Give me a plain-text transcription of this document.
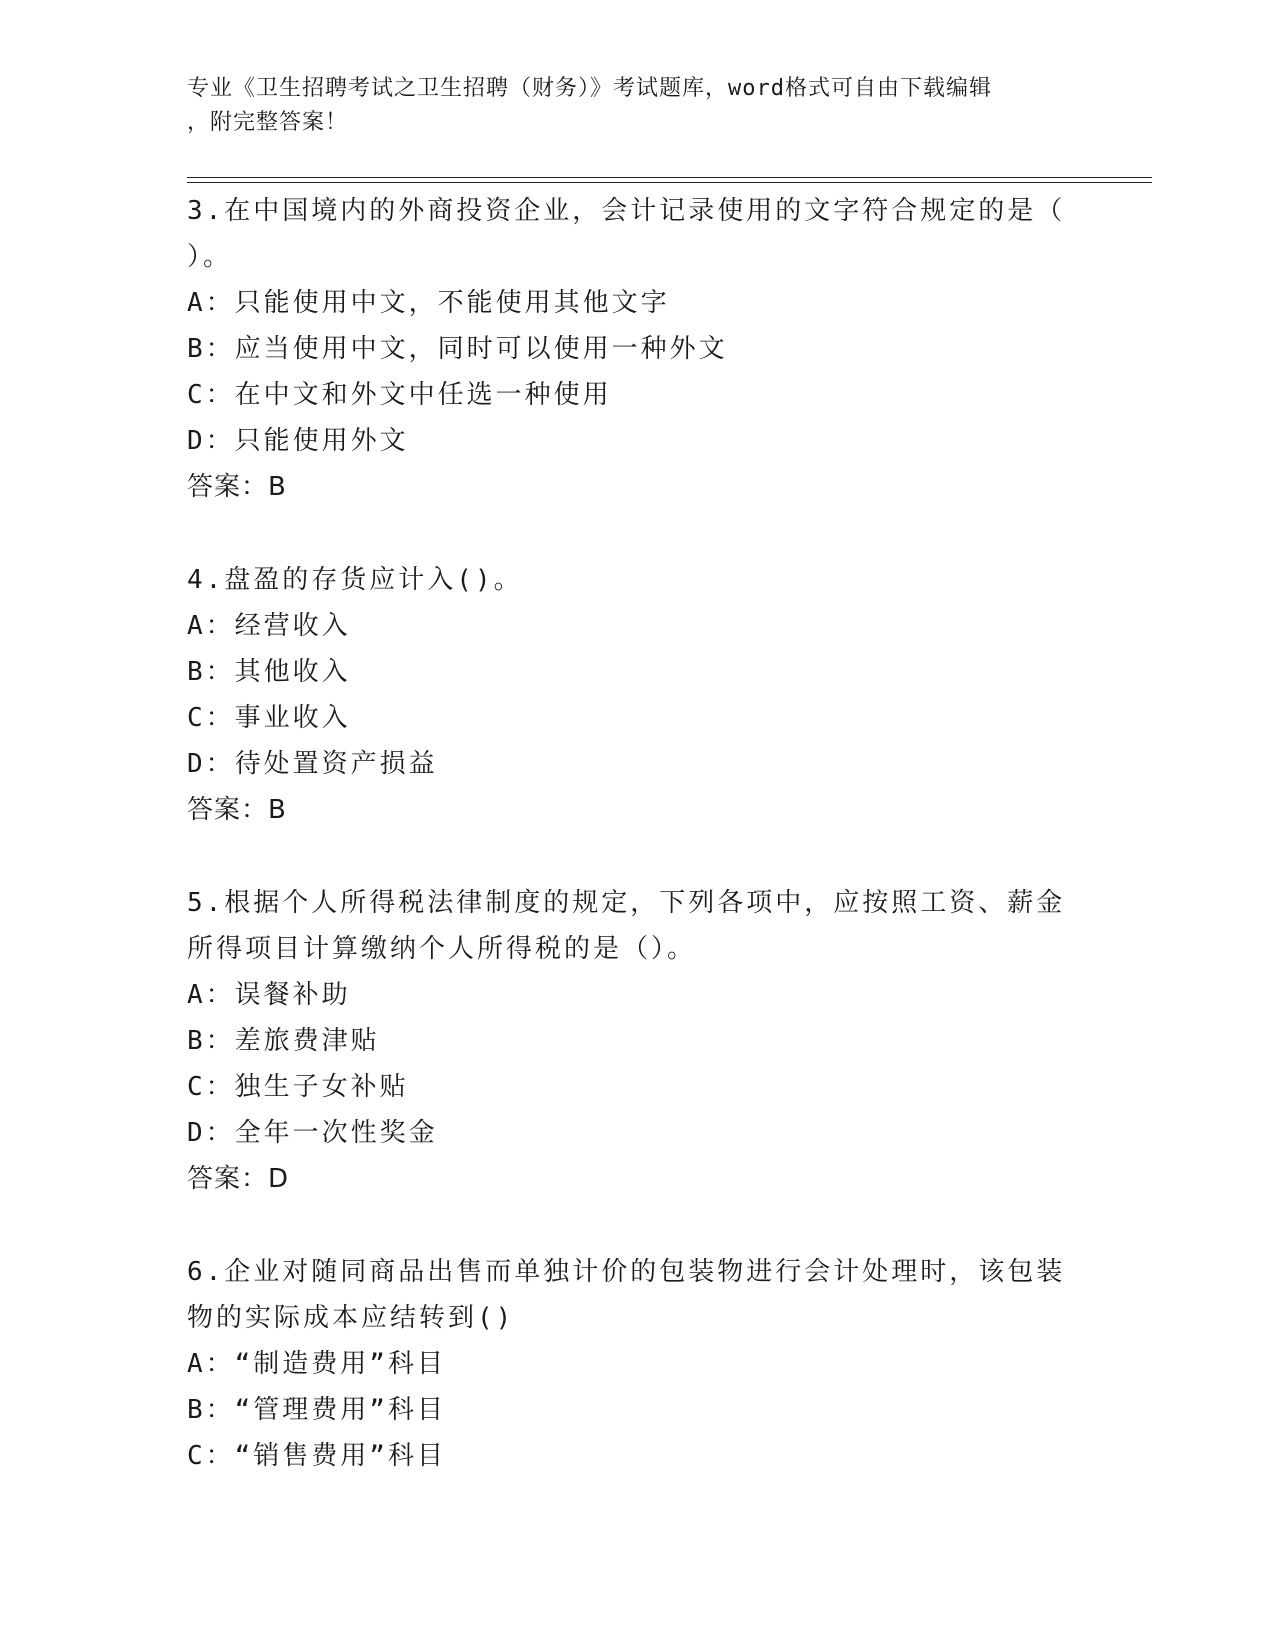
专业《卫生招聘考试之卫生招聘（财务）》考试题库，word格式可自由下载编辑
，附完整答案！
3.在中国境内的外商投资企业，会计记录使用的文字符合规定的是（
）。
A：只能使用中文，不能使用其他文字
B：应当使用中文，同时可以使用一种外文
C：在中文和外文中任选一种使用
D：只能使用外文
答案：B
4.盘盈的存货应计入()。
A：经营收入
B：其他收入
C：事业收入
D：待处置资产损益
答案：B
5.根据个人所得税法律制度的规定，下列各项中，应按照工资、薪金
所得项目计算缴纳个人所得税的是（）。
A：误餐补助
B：差旅费津贴
C：独生子女补贴
D：全年一次性奖金
答案：D
6.企业对随同商品出售而单独计价的包装物进行会计处理时，该包装
物的实际成本应结转到()
A：“制造费用”科目
B：“管理费用”科目
C：“销售费用”科目
